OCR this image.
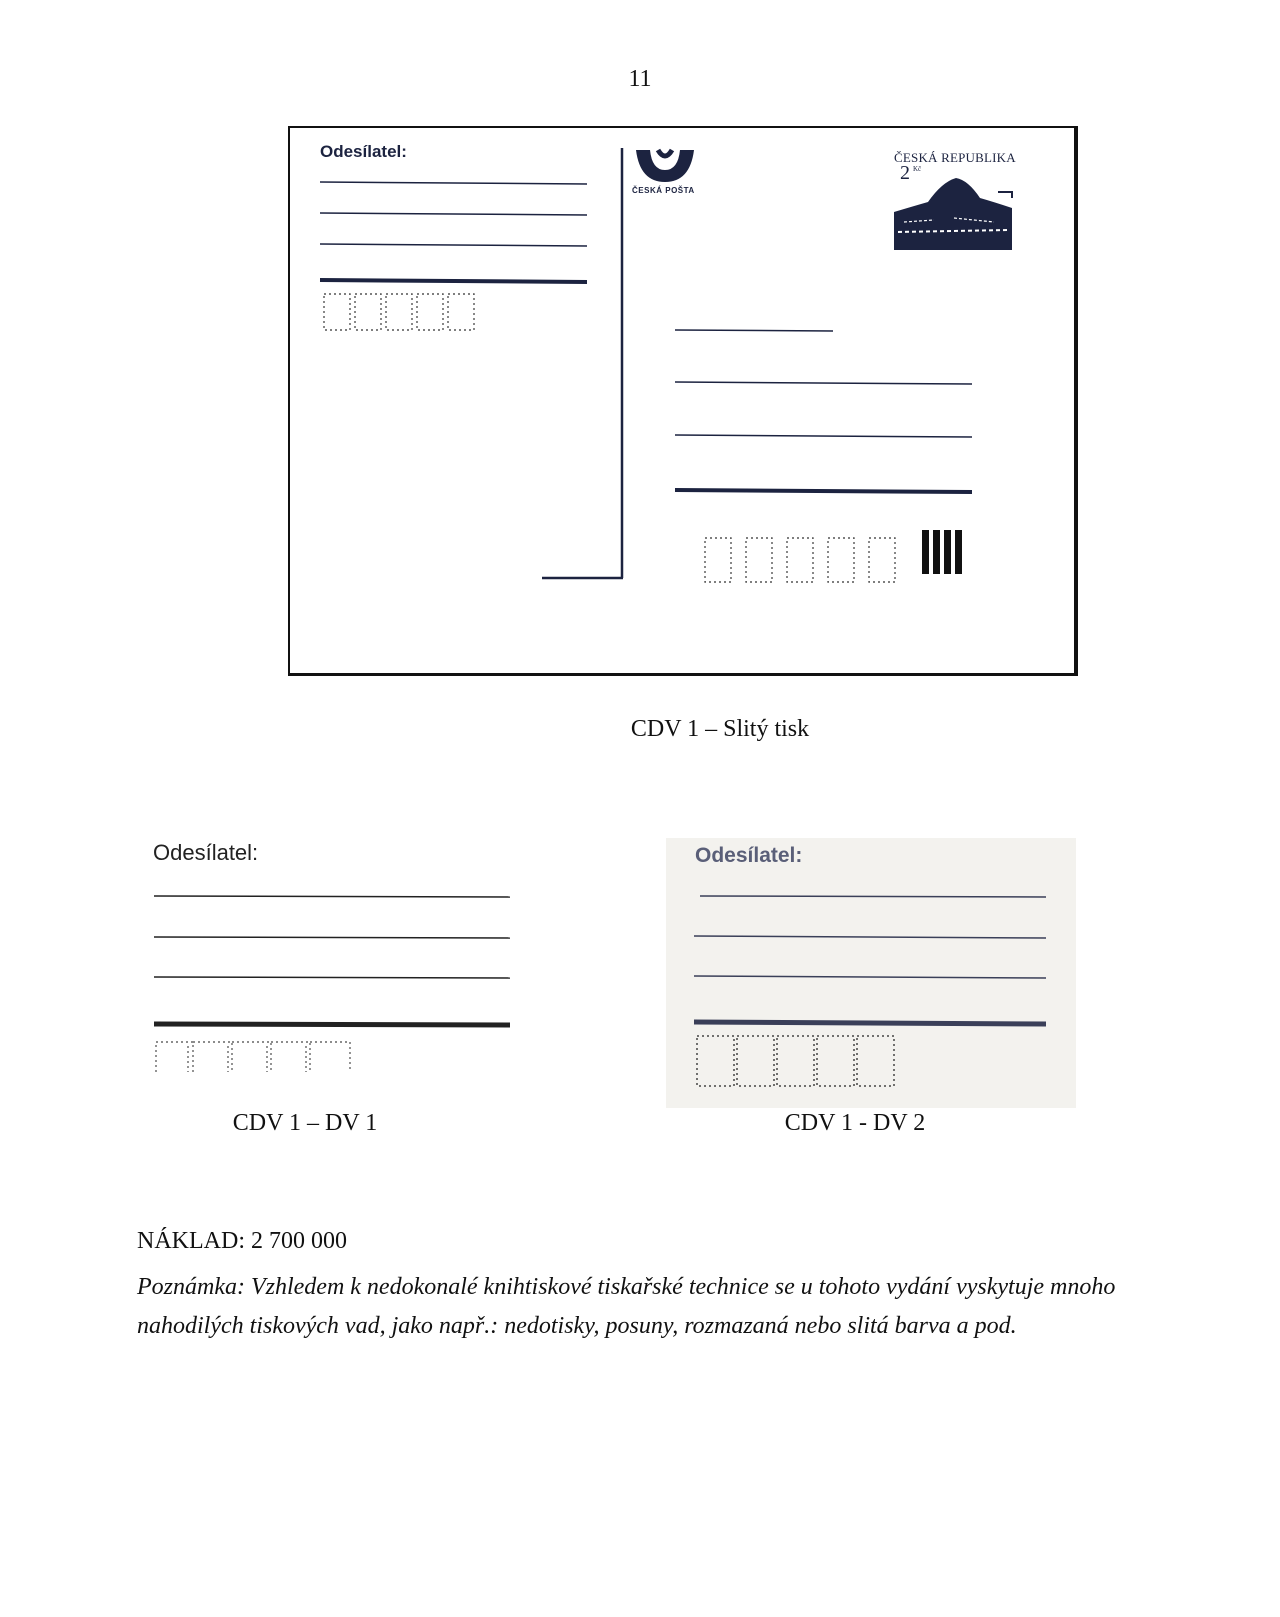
11
Odesílatel:
ČESKÁ POŠTA
ČESKÁ REPUBLIKA
2 Kč
CDV 1 – Slitý tisk
Odesílatel:
CDV 1 – DV 1
Odesílatel:
CDV 1 - DV 2
NÁKLAD: 2 700 000
Poznámka: Vzhledem k nedokonalé knihtiskové tiskařské technice se u tohoto vydání vyskytuje mnoho nahodilých tiskových vad, jako např.: nedotisky, posuny, rozmazaná nebo slitá barva a pod.
